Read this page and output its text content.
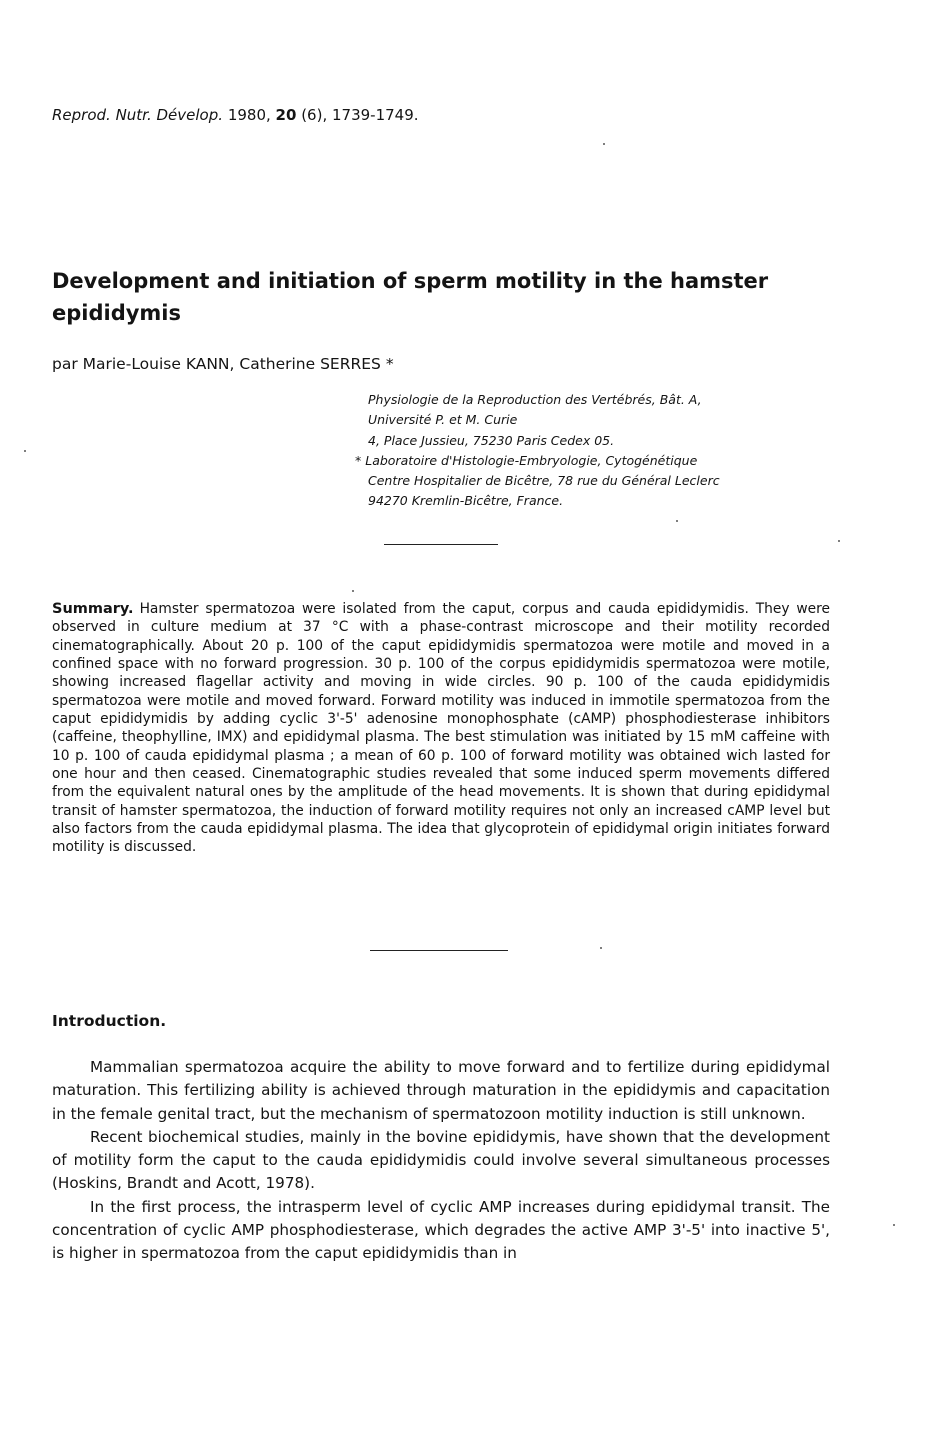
Reprod. Nutr. Dévelop. 1980, 20 (6), 1739-1749.
Development and initiation of sperm motility in the hamster epididymis
par Marie-Louise KANN, Catherine SERRES *
Physiologie de la Reproduction des Vertébrés, Bât. A,
Université P. et M. Curie
4, Place Jussieu, 75230 Paris Cedex 05.
* Laboratoire d'Histologie-Embryologie, Cytogénétique
Centre Hospitalier de Bicêtre, 78 rue du Général Leclerc
94270 Kremlin-Bicêtre, France.

Summary. Hamster spermatozoa were isolated from the caput, corpus and cauda epididymidis. They were observed in culture medium at 37 °C with a phase-contrast microscope and their motility recorded cinematographically. About 20 p. 100 of the caput epididymidis spermatozoa were motile and moved in a confined space with no forward progression. 30 p. 100 of the corpus epididymidis spermatozoa were motile, showing increased flagellar activity and moving in wide circles. 90 p. 100 of the cauda epididymidis spermatozoa were motile and moved forward. Forward motility was induced in immotile spermatozoa from the caput epididymidis by adding cyclic 3'-5' adenosine monophosphate (cAMP) phosphodiesterase inhibitors (caffeine, theophylline, IMX) and epididymal plasma. The best stimulation was initiated by 15 mM caffeine with 10 p. 100 of cauda epididymal plasma ; a mean of 60 p. 100 of forward motility was obtained wich lasted for one hour and then ceased. Cinematographic studies revealed that some induced sperm movements differed from the equivalent natural ones by the amplitude of the head movements. It is shown that during epididymal transit of hamster spermatozoa, the induction of forward motility requires not only an increased cAMP level but also factors from the cauda epididymal plasma. The idea that glycoprotein of epididymal origin initiates forward motility is discussed.

Introduction.

Mammalian spermatozoa acquire the ability to move forward and to fertilize during epididymal maturation. This fertilizing ability is achieved through maturation in the epididymis and capacitation in the female genital tract, but the mechanism of spermatozoon motility induction is still unknown.

Recent biochemical studies, mainly in the bovine epididymis, have shown that the development of motility form the caput to the cauda epididymidis could involve several simultaneous processes (Hoskins, Brandt and Acott, 1978).

In the first process, the intrasperm level of cyclic AMP increases during epididymal transit. The concentration of cyclic AMP phosphodiesterase, which degrades the active AMP 3'-5' into inactive 5', is higher in spermatozoa from the caput epididymidis than in
